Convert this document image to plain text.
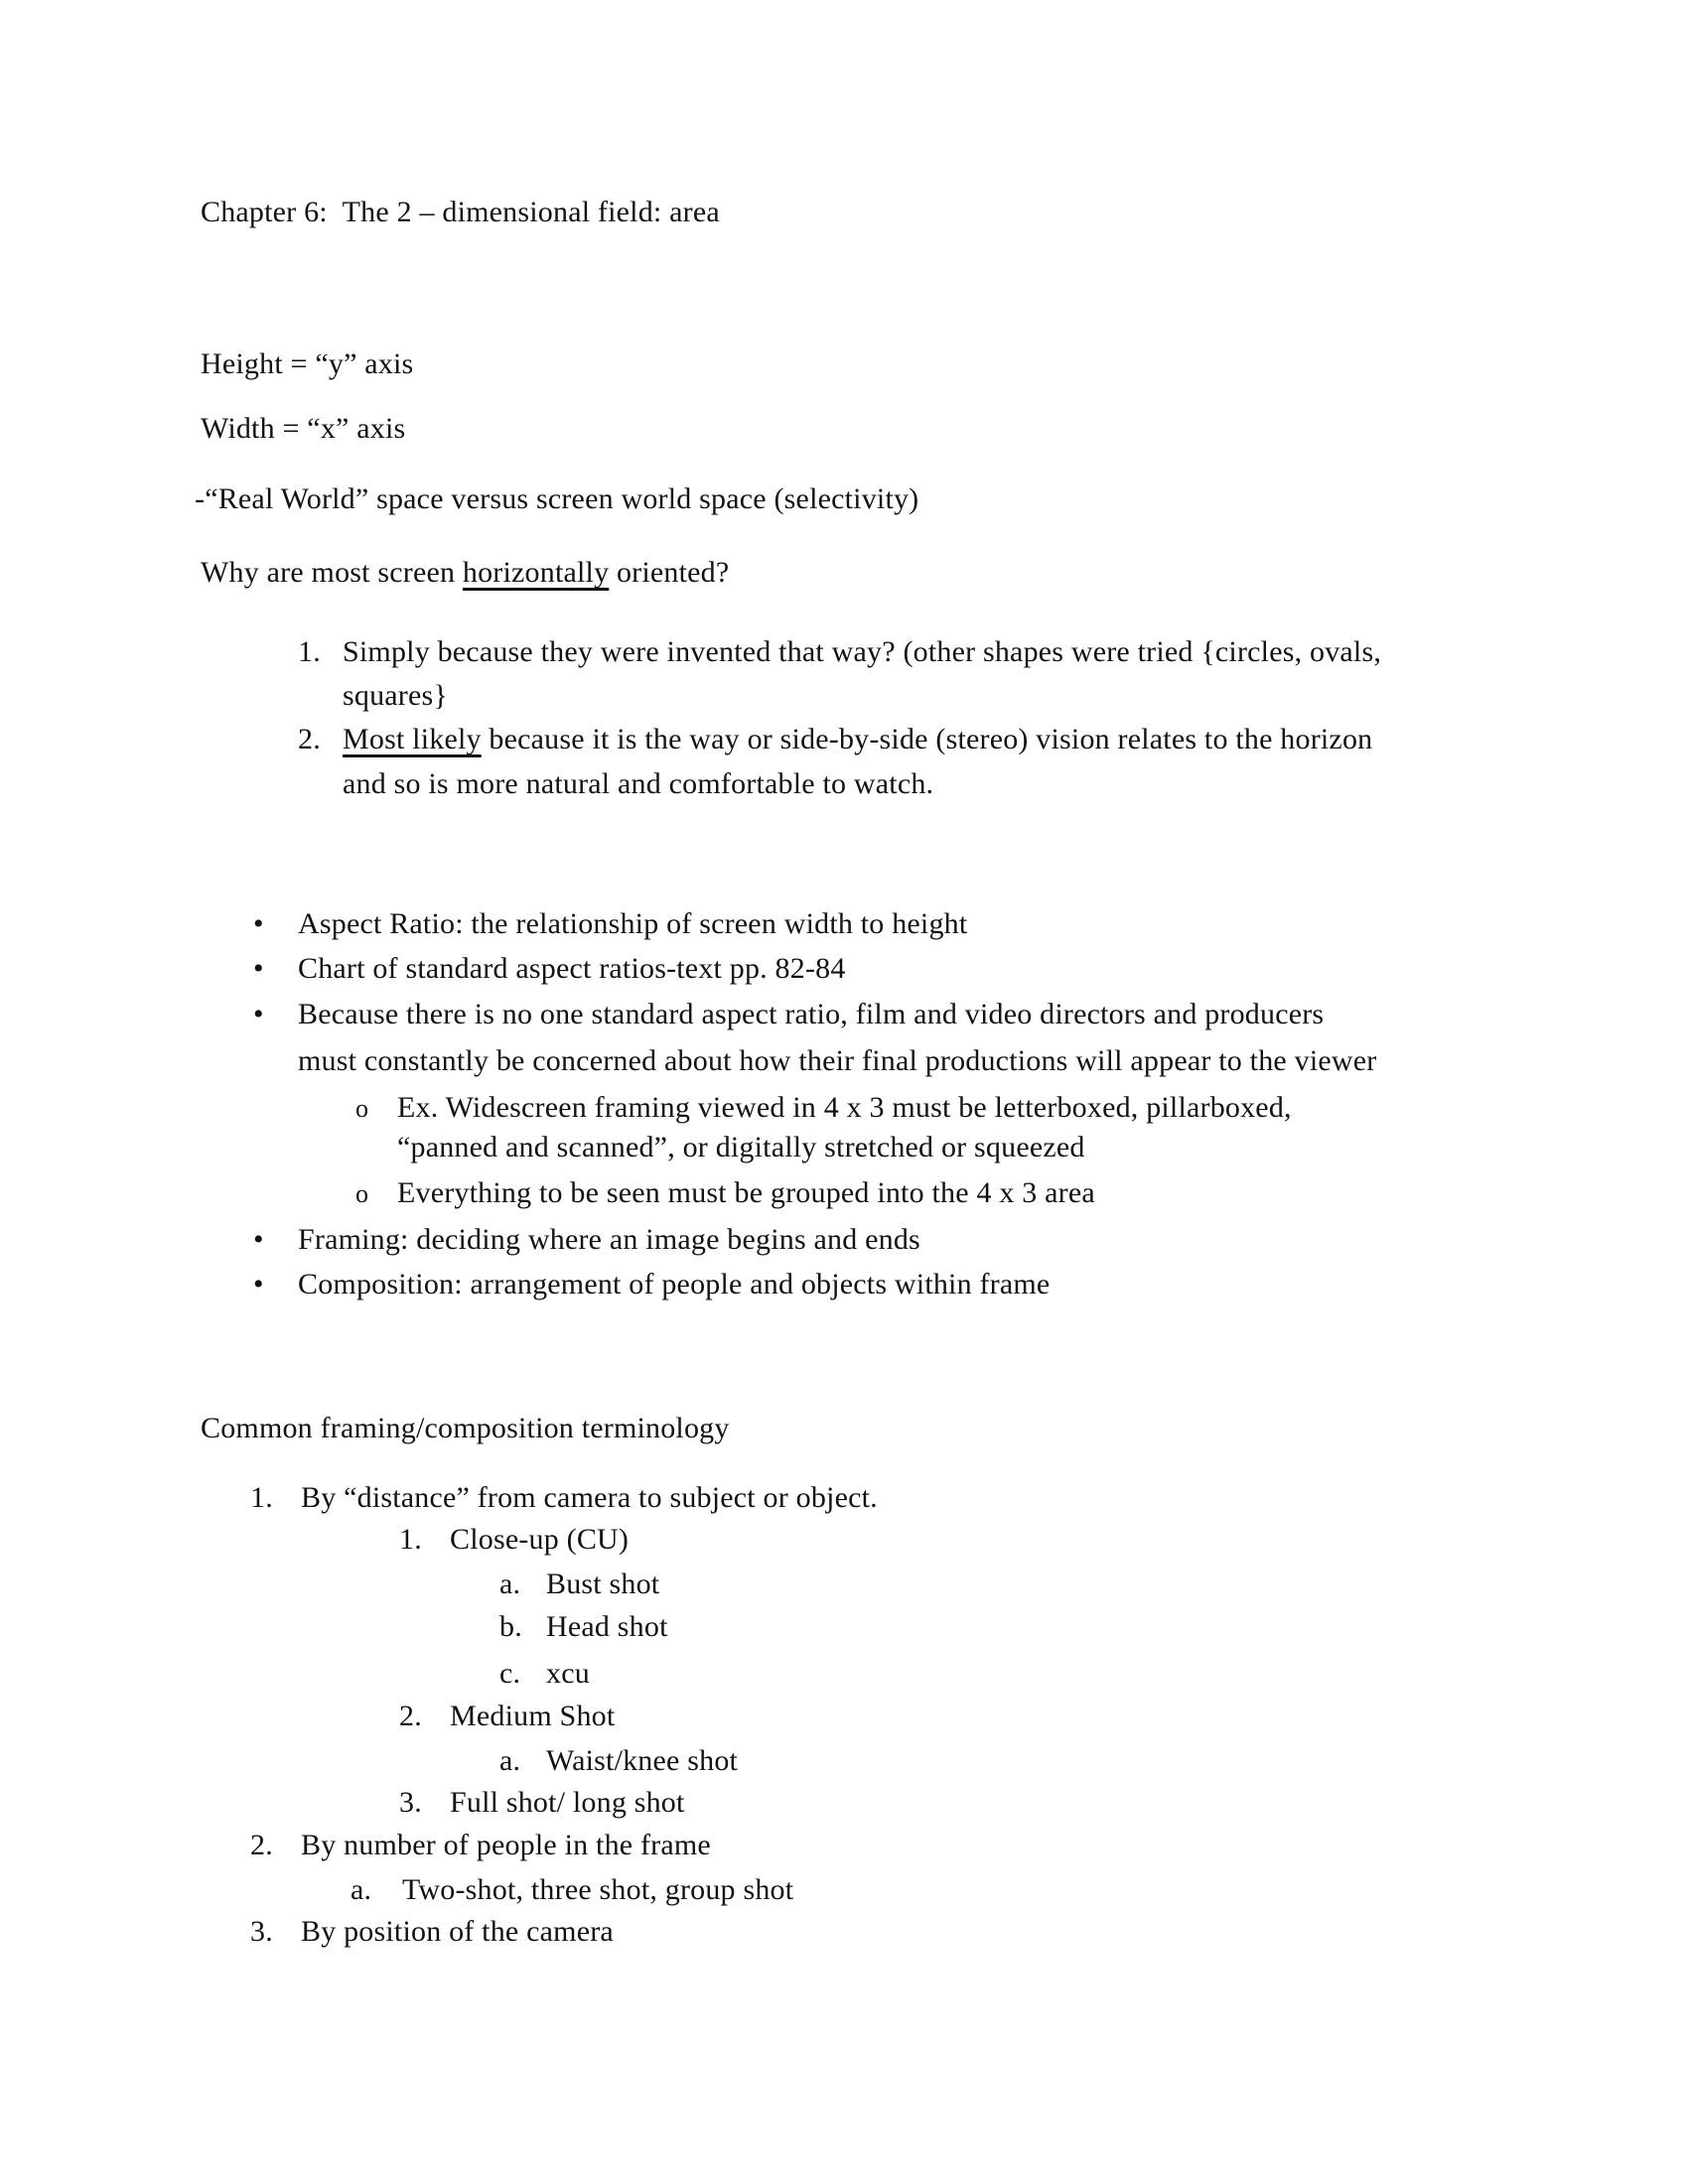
Chapter 6:  The 2 – dimensional field: area
Height = “y” axis
Width = “x” axis
-“Real World” space versus screen world space (selectivity)
Why are most screen horizontally oriented?
1. Simply because they were invented that way? (other shapes were tried {circles, ovals,
squares}
2. Most likely because it is the way or side-by-side (stereo) vision relates to the horizon
and so is more natural and comfortable to watch.
• Aspect Ratio: the relationship of screen width to height
• Chart of standard aspect ratios-text pp. 82-84
• Because there is no one standard aspect ratio, film and video directors and producers
must constantly be concerned about how their final productions will appear to the viewer
o Ex. Widescreen framing viewed in 4 x 3 must be letterboxed, pillarboxed,
“panned and scanned”, or digitally stretched or squeezed
o Everything to be seen must be grouped into the 4 x 3 area
• Framing: deciding where an image begins and ends
• Composition: arrangement of people and objects within frame
Common framing/composition terminology
1. By “distance” from camera to subject or object.
1. Close-up (CU)
a. Bust shot
b. Head shot
c. xcu
2. Medium Shot
a. Waist/knee shot
3. Full shot/ long shot
2. By number of people in the frame
a. Two-shot, three shot, group shot
3. By position of the camera
